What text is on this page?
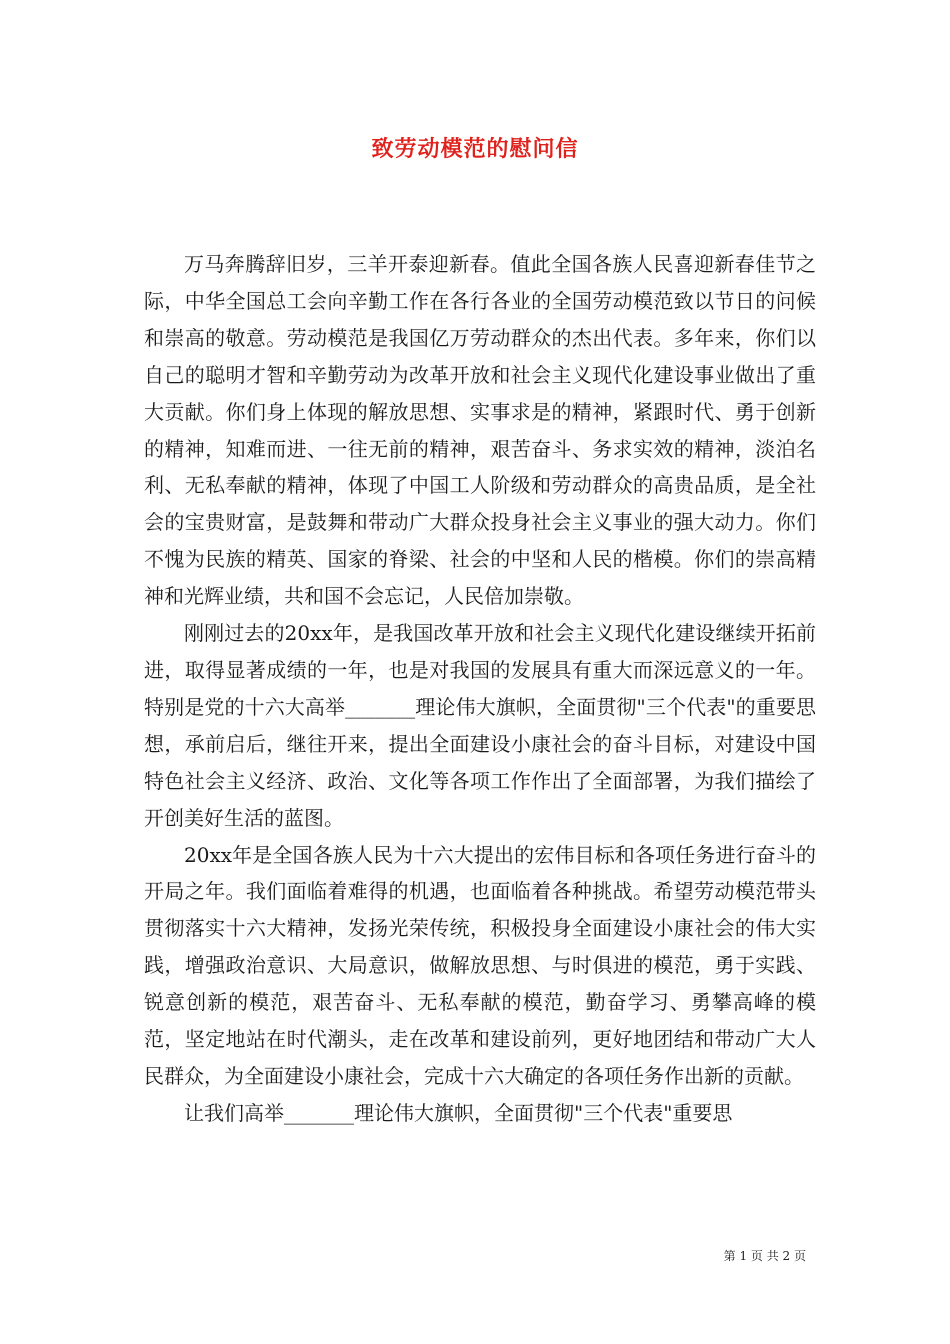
致劳动模范的慰问信

万马奔腾辞旧岁，三羊开泰迎新春。值此全国各族人民喜迎新春佳节之际，中华全国总工会向辛勤工作在各行各业的全国劳动模范致以节日的问候和崇高的敬意。劳动模范是我国亿万劳动群众的杰出代表。多年来，你们以自己的聪明才智和辛勤劳动为改革开放和社会主义现代化建设事业做出了重大贡献。你们身上体现的解放思想、实事求是的精神，紧跟时代、勇于创新的精神，知难而进、一往无前的精神，艰苦奋斗、务求实效的精神，淡泊名利、无私奉献的精神，体现了中国工人阶级和劳动群众的高贵品质，是全社会的宝贵财富，是鼓舞和带动广大群众投身社会主义事业的强大动力。你们不愧为民族的精英、国家的脊梁、社会的中坚和人民的楷模。你们的崇高精神和光辉业绩，共和国不会忘记，人民倍加崇敬。

刚刚过去的20xx年，是我国改革开放和社会主义现代化建设继续开拓前进，取得显著成绩的一年，也是对我国的发展具有重大而深远意义的一年。特别是党的十六大高举_______理论伟大旗帜，全面贯彻"三个代表"的重要思想，承前启后，继往开来，提出全面建设小康社会的奋斗目标，对建设中国特色社会主义经济、政治、文化等各项工作作出了全面部署，为我们描绘了开创美好生活的蓝图。

20xx年是全国各族人民为十六大提出的宏伟目标和各项任务进行奋斗的开局之年。我们面临着难得的机遇，也面临着各种挑战。希望劳动模范带头贯彻落实十六大精神，发扬光荣传统，积极投身全面建设小康社会的伟大实践，增强政治意识、大局意识，做解放思想、与时俱进的模范，勇于实践、锐意创新的模范，艰苦奋斗、无私奉献的模范，勤奋学习、勇攀高峰的模范，坚定地站在时代潮头，走在改革和建设前列，更好地团结和带动广大人民群众，为全面建设小康社会，完成十六大确定的各项任务作出新的贡献。

让我们高举_______理论伟大旗帜，全面贯彻"三个代表"重要思

第 1 页 共 2 页
